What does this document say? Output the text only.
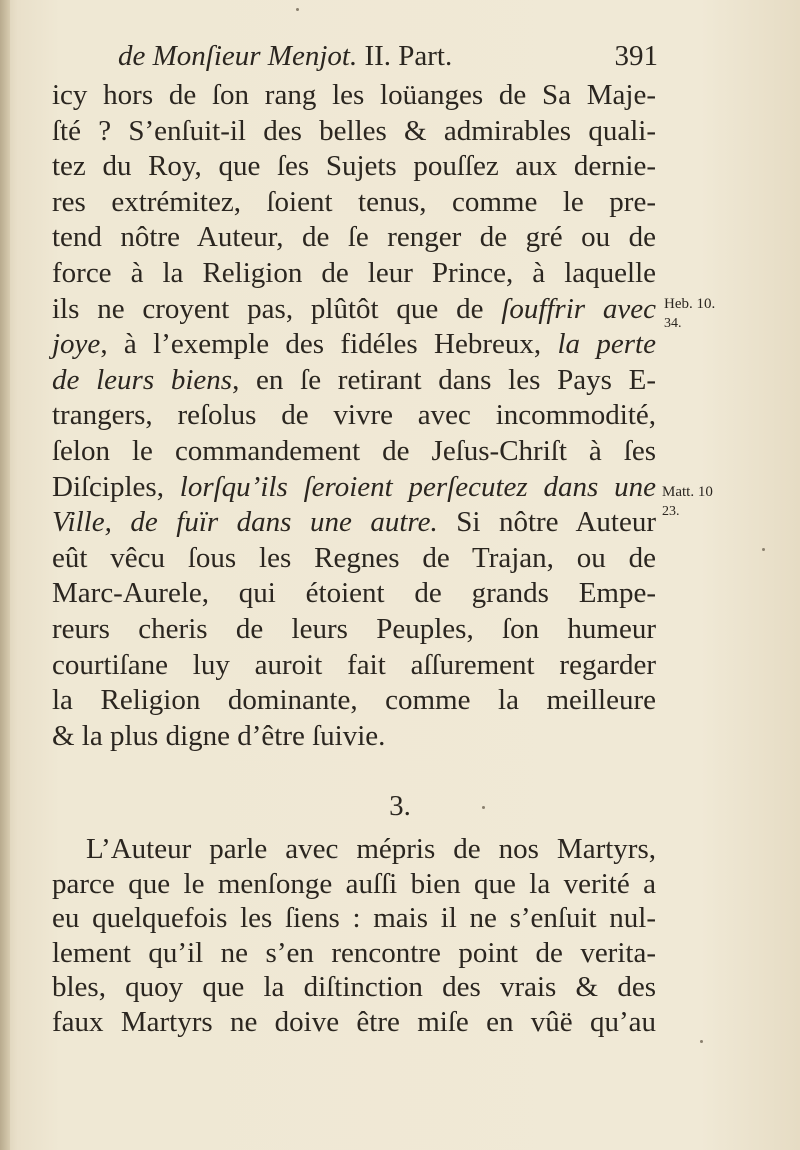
de Monſieur Menjot. II. Part.	391
icy hors de ſon rang les loüanges de Sa Maje-
ſté ? S’enſuit-il des belles & admirables quali-
tez du Roy, que ſes Sujets pouſſez aux dernie-
res extrémitez, ſoient tenus, comme le pre-
tend nôtre Auteur, de ſe renger de gré ou de
force à la Religion de leur Prince, à laquelle
ils ne croyent pas, plûtôt que de ſouffrir avec
joye, à l’exemple des fidéles Hebreux, la perte
de leurs biens, en ſe retirant dans les Pays E-
trangers, reſolus de vivre avec incommodité,
ſelon le commandement de Jeſus-Chriſt à ſes
Diſciples, lorſqu’ils ſeroient perſecutez dans une
Ville, de fuïr dans une autre. Si nôtre Auteur
eût vêcu ſous les Regnes de Trajan, ou de
Marc-Aurele, qui étoient de grands Empe-
reurs cheris de leurs Peuples, ſon humeur
courtiſane luy auroit fait aſſurement regarder
la Religion dominante, comme la meilleure
& la plus digne d’être ſuivie.
3.
L’Auteur parle avec mépris de nos Martyrs,
parce que le menſonge auſſi bien que la verité a
eu quelquefois les ſiens : mais il ne s’enſuit nul-
lement qu’il ne s’en rencontre point de verita-
bles, quoy que la diſtinction des vrais & des
faux Martyrs ne doive être miſe en vûë qu’au
Heb. 10.
34.
Matt. 10
23.
